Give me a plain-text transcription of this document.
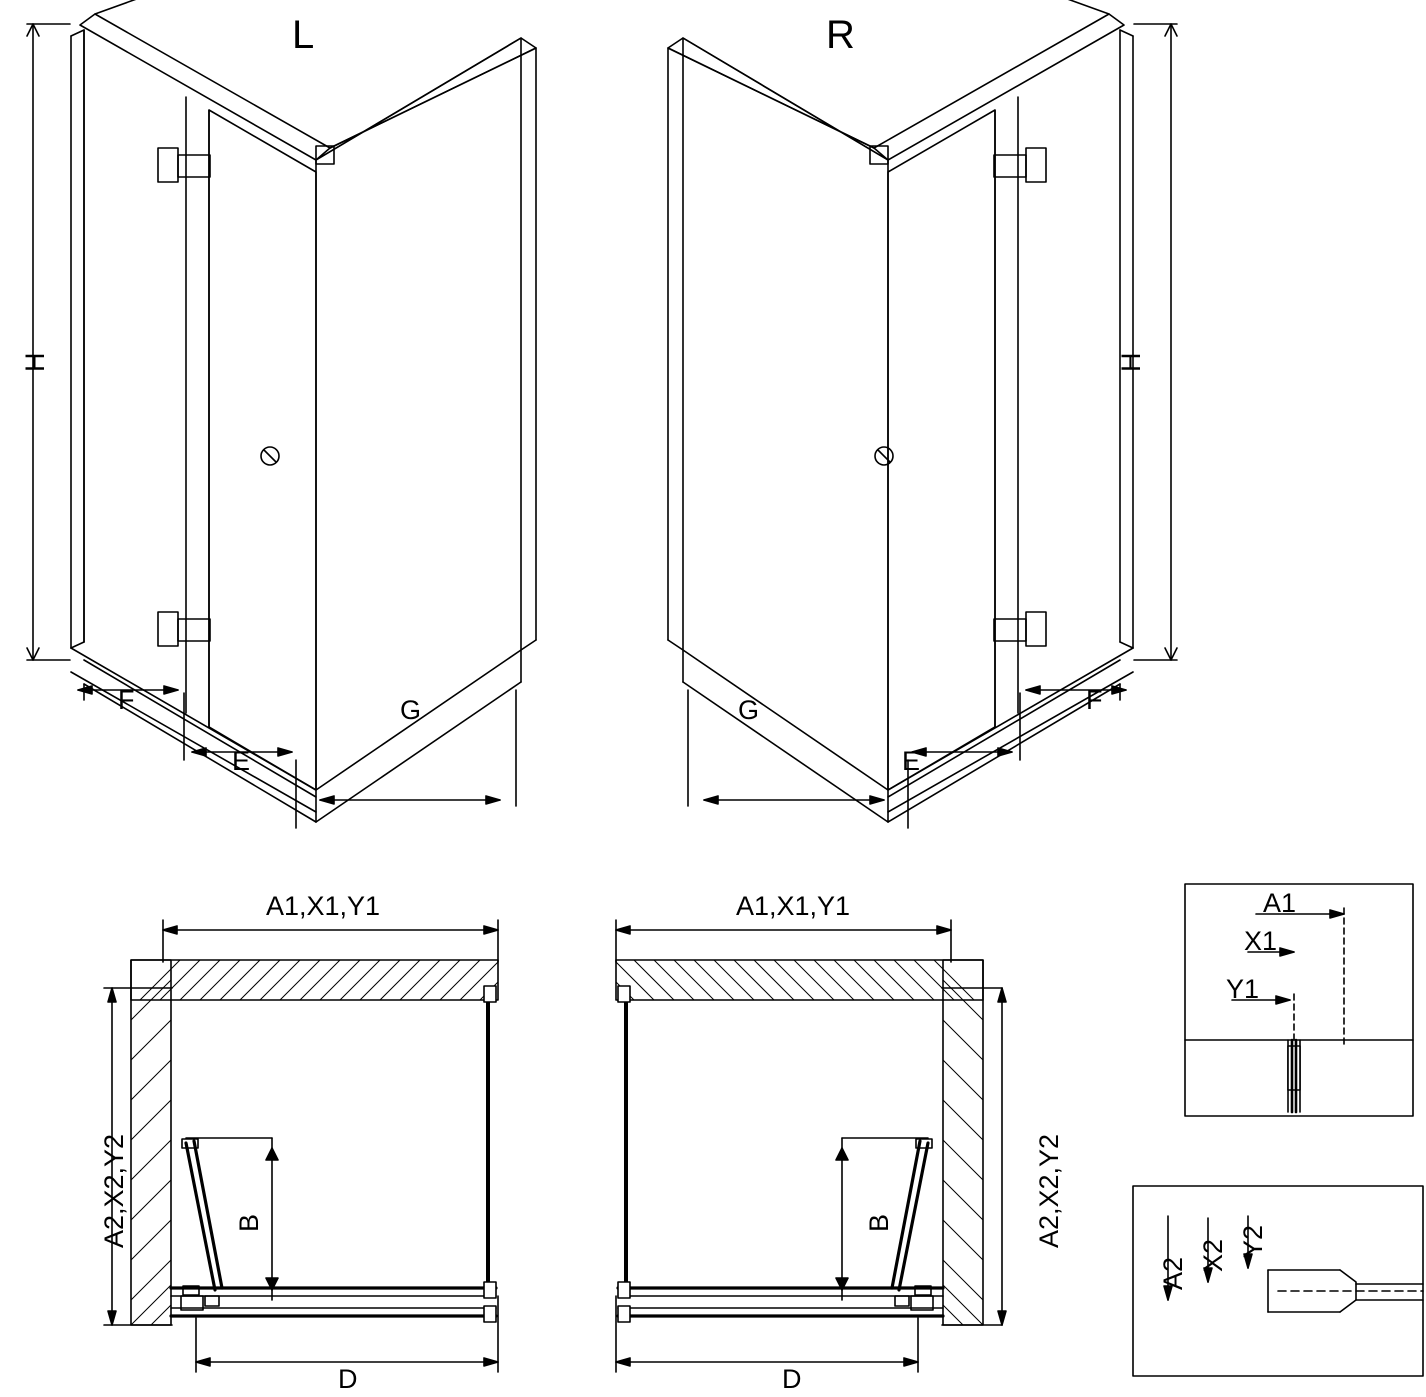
L	R
H	H
F
E
G	F
E
G
A1,X1,Y1
A2,X2,Y2	B
D
A1,X1,Y1
A2,X2,Y2
B
D
A1
X1
Y1
A2
X2 Y2
